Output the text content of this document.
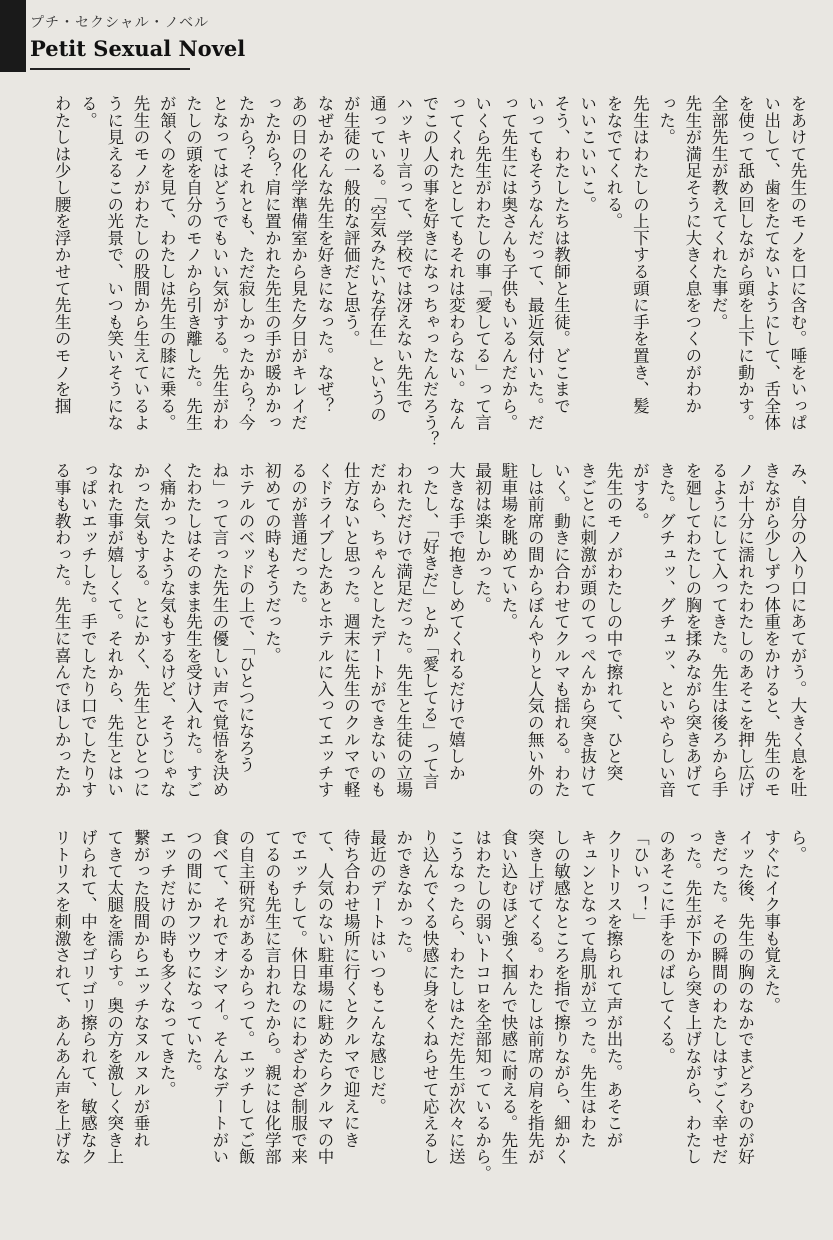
プチ・セクシャル・ノベル
Petit Sexual Novel
をあけて先生のモノを口に含む。唾をいっぱ
い出して、歯をたてないようにして、舌全体
を使って舐め回しながら頭を上下に動かす。
全部先生が教えてくれた事だ。
先生が満足そうに大きく息をつくのがわか
った。
先生はわたしの上下する頭に手を置き、髪
をなでてくれる。
いいこいいこ。
そう、わたしたちは教師と生徒。どこまで
いってもそうなんだって、最近気付いた。だ
って先生には奥さんも子供もいるんだから。
いくら先生がわたしの事「愛してる」って言
ってくれたとしてもそれは変わらない。なん
でこの人の事を好きになっちゃったんだろう？
ハッキリ言って、学校では冴えない先生で
通っている。「空気みたいな存在」というの
が生徒の一般的な評価だと思う。
なぜかそんな先生を好きになった。なぜ？
あの日の化学準備室から見た夕日がキレイだ
ったから？肩に置かれた先生の手が暖かかっ
たから？それとも、ただ寂しかったから？今
となってはどうでもいい気がする。先生がわ
たしの頭を自分のモノから引き離した。先生
が頷くのを見て、わたしは先生の膝に乗る。
先生のモノがわたしの股間から生えているよ
うに見えるこの光景で、いつも笑いそうにな
る。
わたしは少し腰を浮かせて先生のモノを掴
み、自分の入り口にあてがう。大きく息を吐
きながら少しずつ体重をかけると、先生のモ
ノが十分に濡れたわたしのあそこを押し広げ
るようにして入ってきた。先生は後ろから手
を廻してわたしの胸を揉みながら突きあげて
きた。グチュッ、グチュッ、といやらしい音
がする。
先生のモノがわたしの中で擦れて、ひと突
きごとに刺激が頭のてっぺんから突き抜けて
いく。動きに合わせてクルマも揺れる。わた
しは前席の間からぼんやりと人気の無い外の
駐車場を眺めていた。
最初は楽しかった。
大きな手で抱きしめてくれるだけで嬉しか
ったし、「好きだ」とか「愛してる」って言
われただけで満足だった。先生と生徒の立場
だから、ちゃんとしたデートができないのも
仕方ないと思った。週末に先生のクルマで軽
くドライブしたあとホテルに入ってエッチす
るのが普通だった。
初めての時もそうだった。
ホテルのベッドの上で、「ひとつになろう
ね」って言った先生の優しい声で覚悟を決め
たわたしはそのまま先生を受け入れた。すご
く痛かったような気もするけど、そうじゃな
かった気もする。とにかく、先生とひとつに
なれた事が嬉しくて。それから、先生とはい
っぱいエッチした。手でしたり口でしたりす
る事も教わった。先生に喜んでほしかったか
ら。
すぐにイク事も覚えた。
イッた後、先生の胸のなかでまどろむのが好
きだった。その瞬間のわたしはすごく幸せだ
った。先生が下から突き上げながら、わたし
のあそこに手をのばしてくる。
「ひいっ！」
クリトリスを擦られて声が出た。あそこが
キュンとなって鳥肌が立った。先生はわた
しの敏感なところを指で擦りながら、細かく
突き上げてくる。わたしは前席の肩を指先が
食い込むほど強く掴んで快感に耐える。先生
はわたしの弱いトコロを全部知っているから。
こうなったら、わたしはただ先生が次々に送
り込んでくる快感に身をくねらせて応えるし
かできなかった。
最近のデートはいつもこんな感じだ。
待ち合わせ場所に行くとクルマで迎えにき
て、人気のない駐車場に駐めたらクルマの中
でエッチして。休日なのにわざわざ制服で来
てるのも先生に言われたから。親には化学部
の自主研究があるからって。エッチしてご飯
食べて、それでオシマイ。そんなデートがい
つの間にかフツウになっていた。
エッチだけの時も多くなってきた。
繋がった股間からエッチなヌルヌルが垂れ
てきて太腿を濡らす。奥の方を激しく突き上
げられて、中をゴリゴリ擦られて、敏感なク
リトリスを刺激されて、あんあん声を上げな
